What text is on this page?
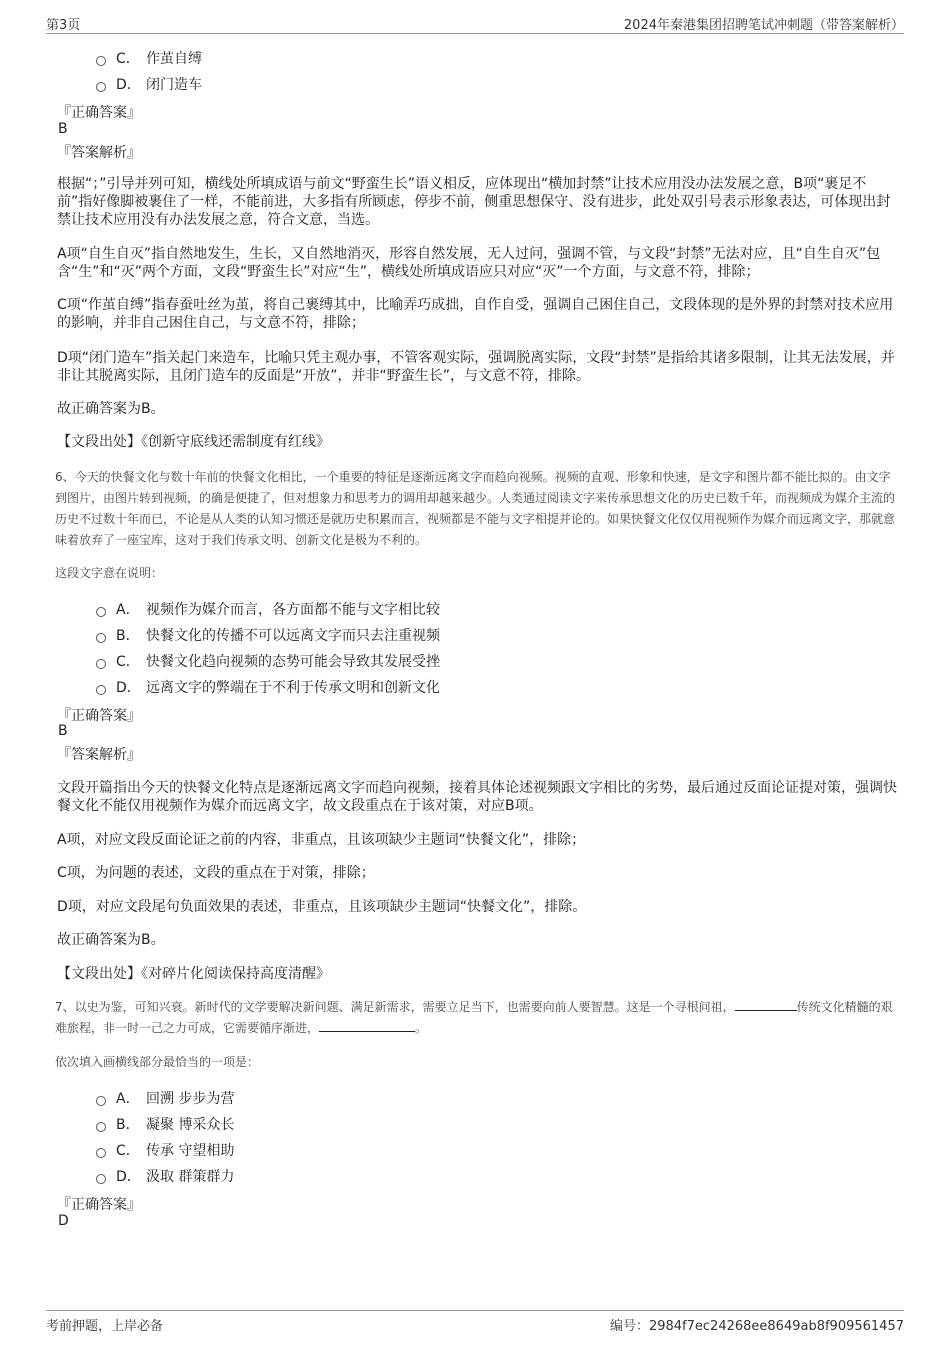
第3页	2024年秦港集团招聘笔试冲刺题（带答案解析）
C． 作茧自缚
D． 闭门造车
『正确答案』
B
『答案解析』
根据“；”引导并列可知，横线处所填成语与前文“野蛮生长”语义相反，应体现出“横加封禁”让技术应用没办法发展之意，B项“裹足不前”指好像脚被裹住了一样，不能前进，大多指有所顾虑，停步不前，侧重思想保守、没有进步，此处双引号表示形象表达，可体现出封禁让技术应用没有办法发展之意，符合文意，当选。
A项“自生自灭”指自然地发生，生长，又自然地消灭，形容自然发展，无人过问，强调不管，与文段“封禁”无法对应，且“自生自灭”包含“生”和“灭”两个方面，文段“野蛮生长”对应“生”，横线处所填成语应只对应“灭”一个方面，与文意不符，排除；
C项“作茧自缚”指春蚕吐丝为茧，将自己裹缚其中，比喻弄巧成拙，自作自受，强调自己困住自己，文段体现的是外界的封禁对技术应用的影响，并非自己困住自己，与文意不符，排除；
D项“闭门造车”指关起门来造车，比喻只凭主观办事，不管客观实际，强调脱离实际，文段“封禁”是指给其诸多限制，让其无法发展，并非让其脱离实际，且闭门造车的反面是“开放”，并非“野蛮生长”，与文意不符，排除。
故正确答案为B。
【文段出处】《创新守底线还需制度有红线》
6、今天的快餐文化与数十年前的快餐文化相比，一个重要的特征是逐渐远离文字而趋向视频。视频的直观、形象和快速，是文字和图片都不能比拟的。由文字到图片，由图片转到视频，的确是便捷了，但对想象力和思考力的调用却越来越少。人类通过阅读文字来传承思想文化的历史已数千年，而视频成为媒介主流的历史不过数十年而已，不论是从人类的认知习惯还是就历史积累而言，视频都是不能与文字相提并论的。如果快餐文化仅仅用视频作为媒介而远离文字，那就意味着放弃了一座宝库，这对于我们传承文明、创新文化是极为不利的。
这段文字意在说明：
A． 视频作为媒介而言，各方面都不能与文字相比较
B． 快餐文化的传播不可以远离文字而只去注重视频
C． 快餐文化趋向视频的态势可能会导致其发展受挫
D． 远离文字的弊端在于不利于传承文明和创新文化
『正确答案』
B
『答案解析』
文段开篇指出今天的快餐文化特点是逐渐远离文字而趋向视频，接着具体论述视频跟文字相比的劣势，最后通过反面论证提对策，强调快餐文化不能仅用视频作为媒介而远离文字，故文段重点在于该对策，对应B项。
A项，对应文段反面论证之前的内容，非重点，且该项缺少主题词“快餐文化”，排除；
C项，为问题的表述，文段的重点在于对策，排除；
D项，对应文段尾句负面效果的表述，非重点，且该项缺少主题词“快餐文化”，排除。
故正确答案为B。
【文段出处】《对碎片化阅读保持高度清醒》
7、以史为鉴，可知兴衰。新时代的文学要解决新问题、满足新需求，需要立足当下，也需要向前人要智慧。这是一个寻根问祖，	传统文化精髓的艰难旅程，非一时一己之力可成，它需要循序渐进，	。
依次填入画横线部分最恰当的一项是：
A． 回溯 步步为营
B． 凝聚 博采众长
C． 传承 守望相助
D． 汲取 群策群力
『正确答案』
D
考前押题，上岸必备	编号：2984f7ec24268ee8649ab8f909561457
